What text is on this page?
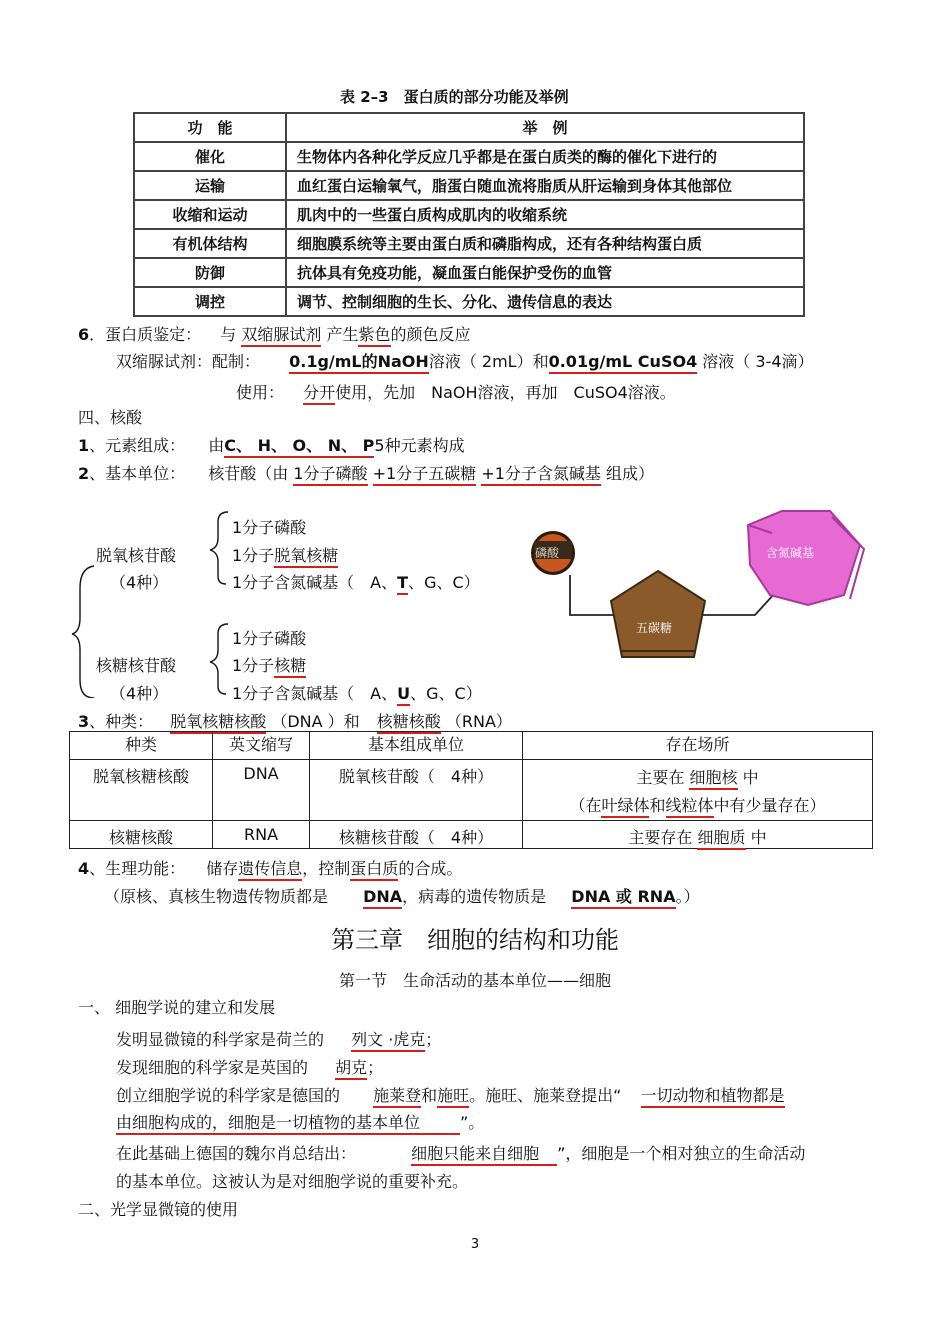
表 2–3　蛋白质的部分功能及举例
功　能	举　例
催化	生物体内各种化学反应几乎都是在蛋白质类的酶的催化下进行的
运输	血红蛋白运输氧气，脂蛋白随血流将脂质从肝运输到身体其他部位
收缩和运动	肌肉中的一些蛋白质构成肌肉的收缩系统
有机体结构	细胞膜系统等主要由蛋白质和磷脂构成，还有各种结构蛋白质
防御	抗体具有免疫功能，凝血蛋白能保护受伤的血管
调控	调节、控制细胞的生长、分化、遗传信息的表达
6．蛋白质鉴定： 与 双缩脲试剂 产生紫色的颜色反应
双缩脲试剂：配制： 0.1g/mL的NaOH溶液（ 2mL）和0.01g/mL CuSO4 溶液（ 3-4滴）
使用： 分开使用，先加　NaOH溶液，再加　CuSO4溶液。
四、核酸
1、元素组成： 由C、 H、 O、 N、 P5种元素构成
2、基本单位： 核苷酸（由 1分子磷酸 +1分子五碳糖 +1分子含氮碱基 组成）
脱氧核苷酸
（4种）
1分子磷酸
1分子脱氧核糖
1分子含氮碱基（　A、T、G、C）
核糖核苷酸
（4种）
1分子磷酸
1分子核糖
1分子含氮碱基（　A、U、G、C）
磷酸
五碳糖
含氮碱基
3、种类： 脱氧核糖核酸 （DNA ）和 核糖核酸 （RNA）
种类	英文缩写	基本组成单位	存在场所
脱氧核糖核酸	DNA	脱氧核苷酸（　4种）	主要在 细胞核 中
（在叶绿体和线粒体中有少量存在）

核糖核酸	RNA	核糖核苷酸（　4种）	主要存在 细胞质 中
4、生理功能： 储存遗传信息，控制蛋白质的合成。
（原核、真核生物遗传物质都是 DNA，病毒的遗传物质是 DNA 或 RNA。）
第三章　细胞的结构和功能
第一节　生命活动的基本单位——细胞
一、 细胞学说的建立和发展
发明显微镜的科学家是荷兰的 列文 ·虎克；
发现细胞的科学家是英国的 胡克；
创立细胞学说的科学家是德国的 施莱登和施旺。施旺、施莱登提出“ 一切动物和植物都是
由细胞构成的，细胞是一切植物的基本单位	”。
在此基础上德国的魏尔肖总结出：	细胞只能来自细胞 ”，细胞是一个相对独立的生命活动
的基本单位。这被认为是对细胞学说的重要补充。
二、光学显微镜的使用
3
